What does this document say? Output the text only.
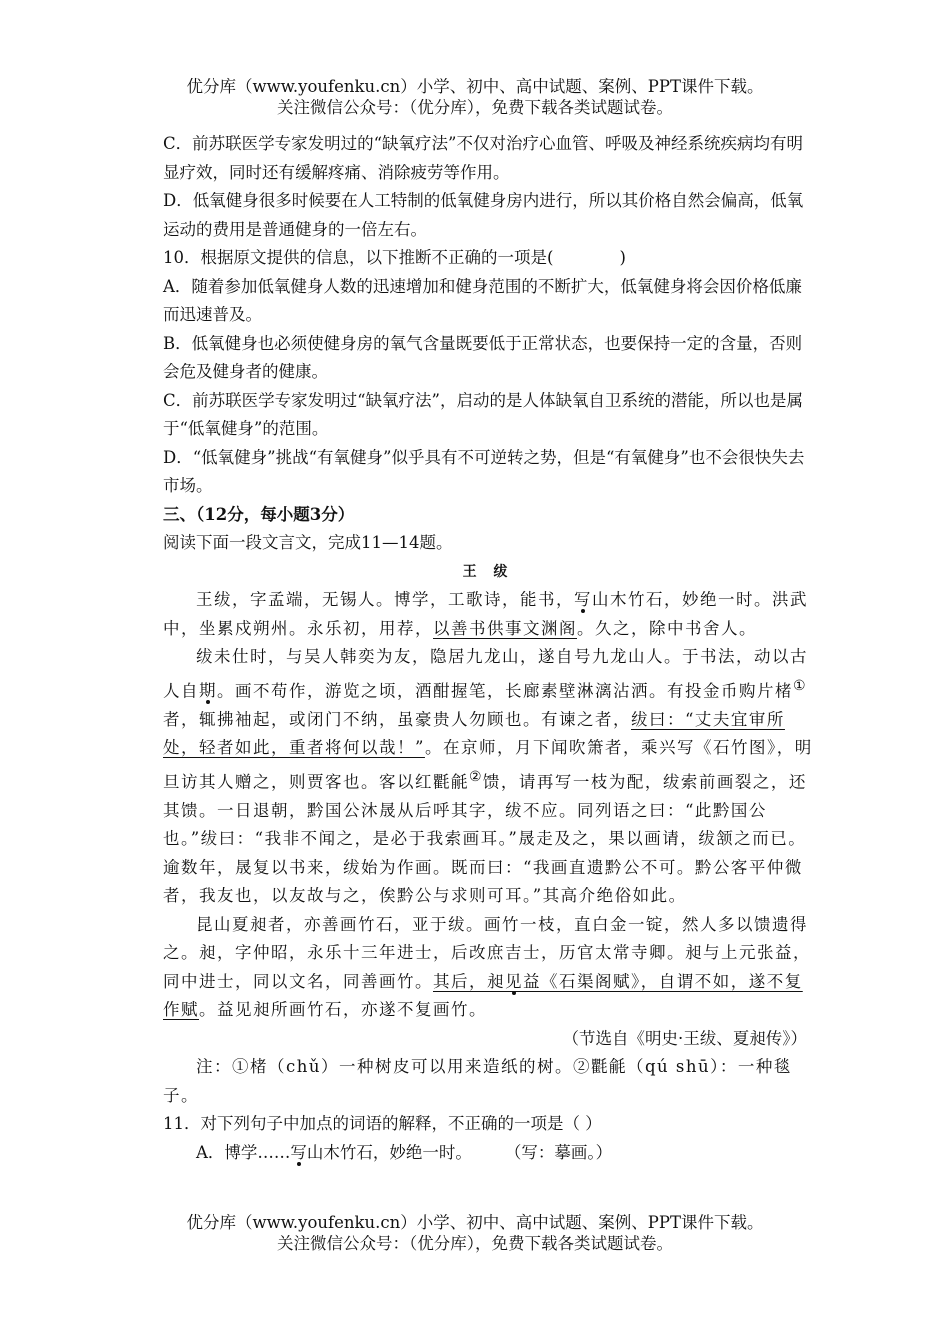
优分库（www.youfenku.cn）小学、初中、高中试题、案例、PPT课件下载。
关注微信公众号：（优分库），免费下载各类试题试卷。

C．前苏联医学专家发明过的“缺氧疗法”不仅对治疗心血管、呼吸及神经系统疾病均有明显疗效，同时还有缓解疼痛、消除疲劳等作用。

D．低氧健身很多时候要在人工特制的低氧健身房内进行，所以其价格自然会偏高，低氧运动的费用是普通健身的一倍左右。

10．根据原文提供的信息，以下推断不正确的一项是(	)

A．随着参加低氧健身人数的迅速增加和健身范围的不断扩大，低氧健身将会因价格低廉而迅速普及。

B．低氧健身也必须使健身房的氧气含量既要低于正常状态，也要保持一定的含量，否则会危及健身者的健康。

C．前苏联医学专家发明过“缺氧疗法”，启动的是人体缺氧自卫系统的潜能，所以也是属于“低氧健身”的范围。

D．“低氧健身”挑战“有氧健身”似乎具有不可逆转之势，但是“有氧健身”也不会很快失去市场。

三、（12分，每小题3分）

阅读下面一段文言文，完成11—14题。

王 绂

王绂，字孟端，无锡人。博学，工歌诗，能书，写山木竹石，妙绝一时。洪武中，坐累戍朔州。永乐初，用荐，以善书供事文渊阁。久之，除中书舍人。

绂未仕时，与吴人韩奕为友，隐居九龙山，遂自号九龙山人。于书法，动以古人自期。画不苟作，游览之顷，酒酣握笔，长廊素壁淋漓沾洒。有投金币购片楮①者，辄拂袖起，或闭门不纳，虽豪贵人勿顾也。有谏之者，绂曰：“丈夫宜审所处，轻者如此，重者将何以哉！”。在京师，月下闻吹箫者，乘兴写《石竹图》，明旦访其人赠之，则贾客也。客以红氍毹②馈，请再写一枝为配，绂索前画裂之，还其馈。一日退朝，黔国公沐晟从后呼其字，绂不应。同列语之曰：“此黔国公也。”绂曰：“我非不闻之，是必于我索画耳。”晟走及之，果以画请，绂颔之而已。逾数年，晟复以书来，绂始为作画。既而曰：“我画直遗黔公不可。黔公客平仲微者，我友也，以友故与之，俟黔公与求则可耳。”其高介绝俗如此。

昆山夏昶者，亦善画竹石，亚于绂。画竹一枝，直白金一锭，然人多以馈遗得之。昶，字仲昭，永乐十三年进士，后改庶吉士，历官太常寺卿。昶与上元张益，同中进士，同以文名，同善画竹。其后，昶见益《石渠阁赋》，自谓不如，遂不复作赋。益见昶所画竹石，亦遂不复画竹。

（节选自《明史·王绂、夏昶传》）

注：①楮（chǔ）一种树皮可以用来造纸的树。②氍毹（qú shū）：一种毯子。

11．对下列句子中加点的词语的解释，不正确的一项是（ ）

A．博学……写山木竹石，妙绝一时。 （写：摹画。）

优分库（www.youfenku.cn）小学、初中、高中试题、案例、PPT课件下载。
关注微信公众号：（优分库），免费下载各类试题试卷。
